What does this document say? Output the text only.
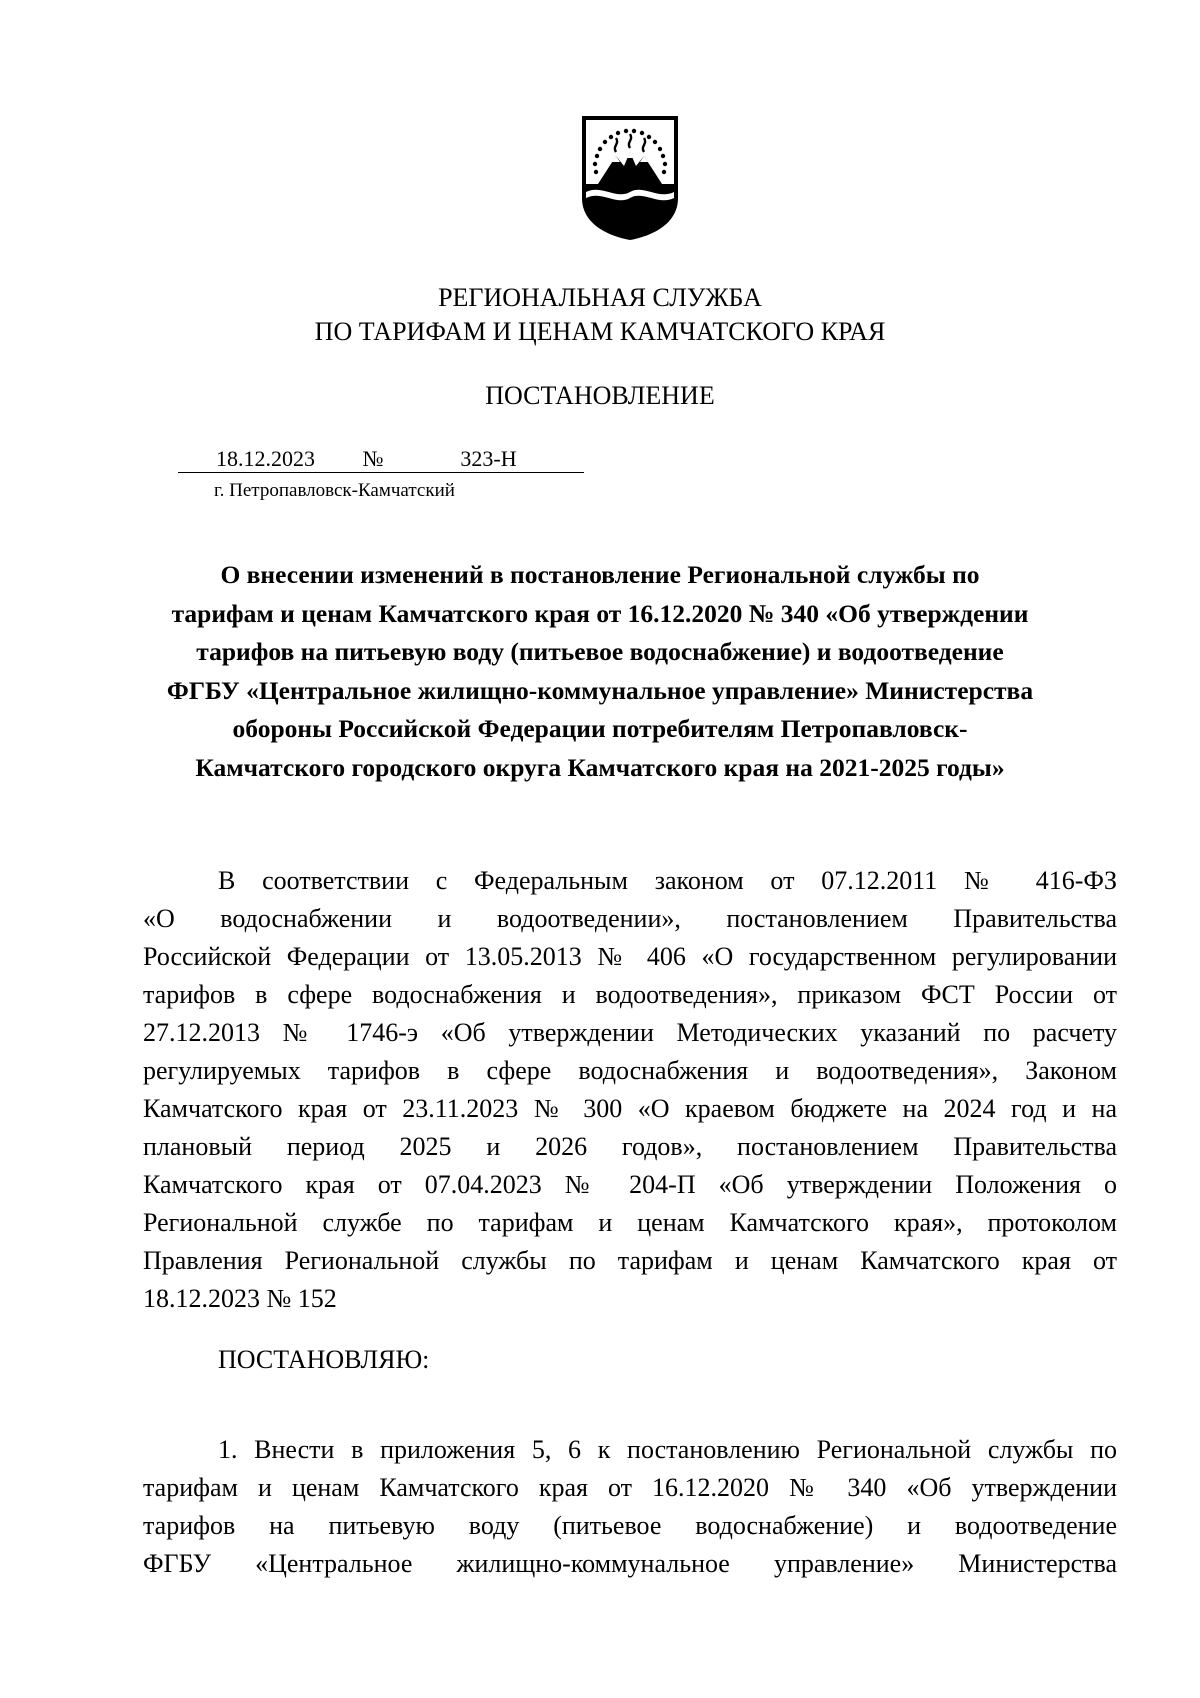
РЕГИОНАЛЬНАЯ СЛУЖБА
ПО ТАРИФАМ И ЦЕНАМ КАМЧАТСКОГО КРАЯ
ПОСТАНОВЛЕНИЕ
18.12.2023	№	323-Н
г. Петропавловск-Камчатский
О внесении изменений в постановление Региональной службы по
тарифам и ценам Камчатского края от 16.12.2020 № 340 «Об утверждении
тарифов на питьевую воду (питьевое водоснабжение) и водоотведение
ФГБУ «Центральное жилищно-коммунальное управление» Министерства
обороны Российской Федерации потребителям Петропавловск-
Камчатского городского округа Камчатского края на 2021-2025 годы»
В соответствии с Федеральным законом от 07.12.2011 № 416-ФЗ
«О водоснабжении и водоотведении», постановлением Правительства
Российской Федерации от 13.05.2013 № 406 «О государственном регулировании
тарифов в сфере водоснабжения и водоотведения», приказом ФСТ России от
27.12.2013 № 1746-э «Об утверждении Методических указаний по расчету
регулируемых тарифов в сфере водоснабжения и водоотведения», Законом
Камчатского края от 23.11.2023 № 300 «О краевом бюджете на 2024 год и на
плановый период 2025 и 2026 годов», постановлением Правительства
Камчатского края от 07.04.2023 № 204-П «Об утверждении Положения о
Региональной службе по тарифам и ценам Камчатского края», протоколом
Правления Региональной службы по тарифам и ценам Камчатского края от
18.12.2023 № 152
ПОСТАНОВЛЯЮ:
1. Внести в приложения 5, 6 к постановлению Региональной службы по
тарифам и ценам Камчатского края от 16.12.2020 № 340 «Об утверждении
тарифов на питьевую воду (питьевое водоснабжение) и водоотведение
ФГБУ «Центральное жилищно-коммунальное управление» Министерства
